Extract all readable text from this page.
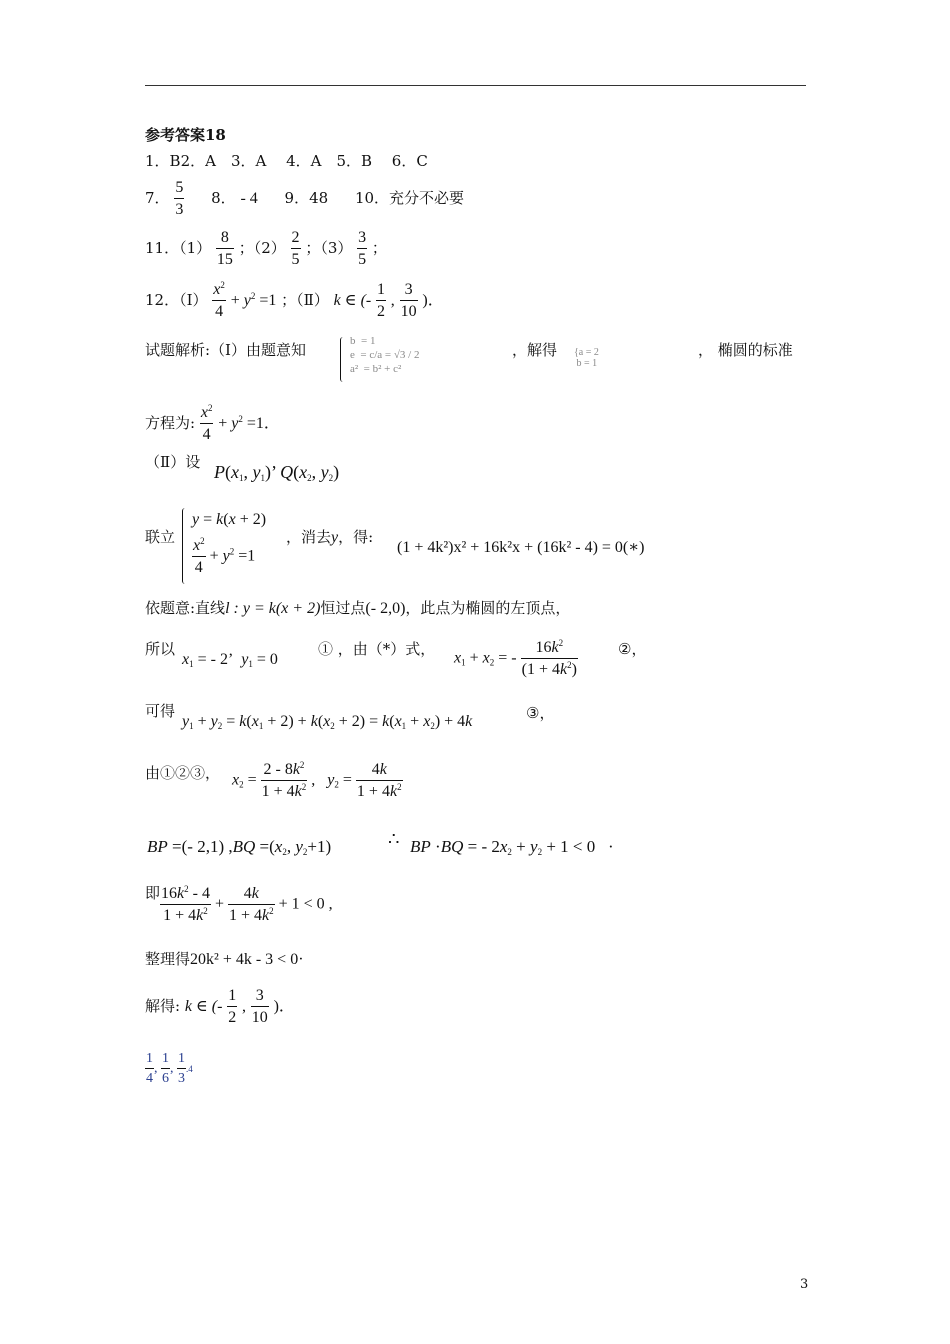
参考答案18
1．B2．A　3．A　 4．A　5．B　 6．C
7． $\frac{5}{3} 8$． - 4 9．48 10．充分不必要
11．$(1) \frac{8}{15}$ ；$(2) \frac{2}{5}$ ；$(3) \frac{3}{5}$ ；
12．（Ⅰ） $\frac{x^2}{4} + y^2 =1$ ；（Ⅱ） k ∈ (- $\frac{1}{2}$ , $\frac{3}{10}$ )．
试题解析:（Ⅰ）由题意知	b  = 1
e  = c/a = √3 / 2
a²  = b² + c²
，解得 {a = 2
b = 1
， 椭圆的标准
方程为: $\frac{x^2}{4} + y^2 =1$．
（Ⅱ）设 $P(x_1$, $y_1$)’ $Q(x_2$, $y_2$)
联立
y = k(x + 2)
$\frac{x^2}{4} + y^2 =1$
，消去y，得:
(1 + 4k²)x² + 16k²x + (16k² - 4) = 0(∗)
依题意:直线l : y = k(x + 2)恒过点(- 2,0)，此点为椭圆的左顶点，
所以
$x_1$ = - 2’  $y_1 = 0$
① ，由（*）式，
$x_1 + x_2$ = - $\frac{16k^2}{(1 + 4k^2)}$	②，
可得
$y_1 + y_2 = k(x_1 + 2) + k(x_2 + 2) = k(x_1 + x_2) + 4k$	③，
由①②③， $x_2 = \frac{2 - 8k^2}{1 + 4k^2}$ ,   $y_2 = \frac{4k}{1 + 4k^2}$
BP =(- 2,1) $,BQ =(x_2$, $y_2+1$)	∴ BP ·BQ = - $2x_2 + y_2 + 1 < 0$   ·
即 $\frac{16k^2 - 4}{1 + 4k^2} + \frac{4k}{1 + 4k^2} + 1 < 0$ ,
整理得20k² + 4k - 3 < 0·
解得: k ∈ (- $\frac{1}{2}$ , $\frac{3}{10}$ )．
$\frac{1}{4}$ , $\frac{1}{6}$ , $\frac{1}{3} .4$
3
